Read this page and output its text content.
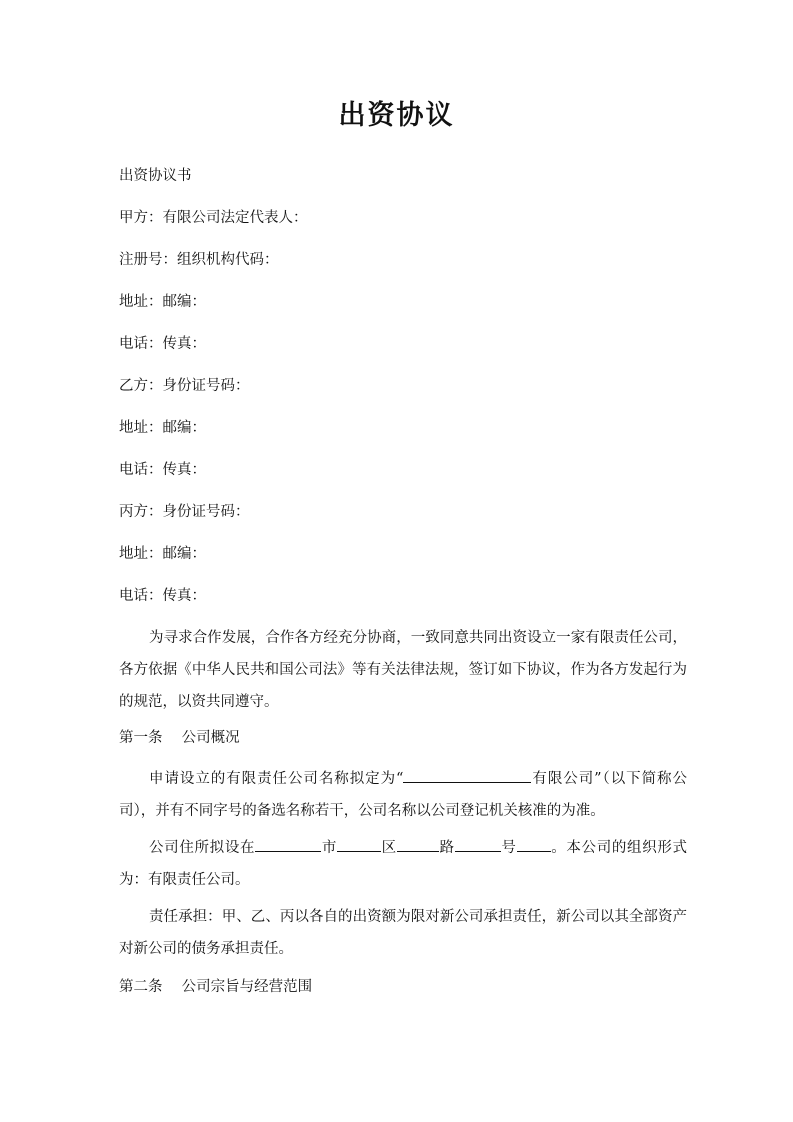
出资协议
出资协议书
甲方：有限公司法定代表人：
注册号：组织机构代码：
地址：邮编：
电话：传真：
乙方：身份证号码：
地址：邮编：
电话：传真：
丙方：身份证号码：
地址：邮编：
电话：传真：
为寻求合作发展，合作各方经充分协商，一致同意共同出资设立一家有限责任公司，各方依据《中华人民共和国公司法》等有关法律法规，签订如下协议，作为各方发起行为的规范，以资共同遵守。
第一条　 公司概况
申请设立的有限责任公司名称拟定为“	有限公司”（以下简称公司），并有不同字号的备选名称若干，公司名称以公司登记机关核准的为准。
公司住所拟设在	市	区	路	号 。本公司的组织形式为：有限责任公司。
责任承担：甲、乙、丙以各自的出资额为限对新公司承担责任，新公司以其全部资产对新公司的债务承担责任。
第二条　 公司宗旨与经营范围
